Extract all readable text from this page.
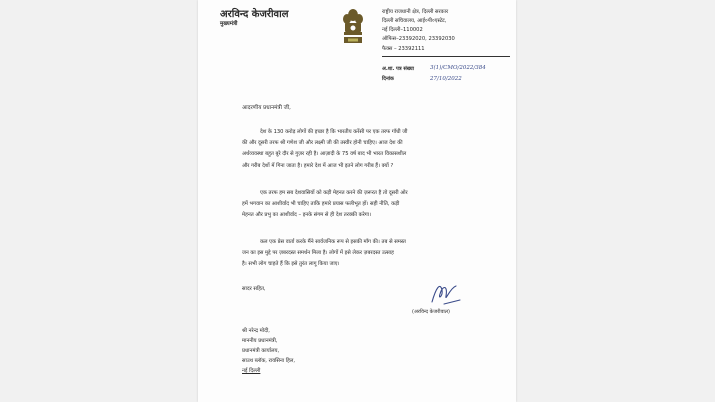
अरविन्द केजरीवाल
मुख्यमंत्री
राष्ट्रीय राजधानी क्षेत्र, दिल्ली सरकार
दिल्ली सचिवालय, आई०पी०एस्टेट,
नई दिल्ली–110002
ऑफिस–23392020, 23392030
फैक्स – 23392111
अ.शा. पत्र संख्या	3(1)/CMO/2022/384
दिनांक	27/10/2022
आदरणीय प्रधानमंत्री जी,
देश के 130 करोड़ लोगों की इच्छा है कि भारतीय करेंसी पर एक तरफ गाँधी जी
की और दूसरी तरफ श्री गणेश जी और लक्ष्मी जी की तस्वीर होनी चाहिए। आज देश की
अर्थव्यवस्था बहुत बुरे दौर से गुज़र रही है। आज़ादी के 75 वर्ष बाद भी भारत विकासशील
और गरीब देशों में गिना जाता है। हमारे देश में आज भी इतने लोग गरीब हैं। क्यों ?
एक तरफ हम सब देशवासियों को कड़ी मेहनत करने की ज़रूरत है तो दूसरी ओर
हमें भगवान का आशीर्वाद भी चाहिए ताकि हमारे प्रयास फलीभूत हों। सही नीति, कड़ी
मेहनत और प्रभु का आशीर्वाद – इनके संगम से ही देश तरक्की करेगा।
कल एक प्रेस वार्ता करके मैंने सार्वजनिक रूप से इसकी माँग की। तब से समस्त
जन का इस मुद्दे पर ज़बरदस्त समर्थन मिला है। लोगों में इसे लेकर ज़बरदस्त उत्साह
है। सभी लोग चाहते हैं कि इसे तुरंत लागू किया जाए।
सादर सहित,
(अरविन्द केजरीवाल)
श्री नरेन्द्र मोदी,
माननीय प्रधानमंत्री,
प्रधानमंत्री कार्यालय,
साउथ ब्लॉक, रायसिना हिल,
नई दिल्ली
